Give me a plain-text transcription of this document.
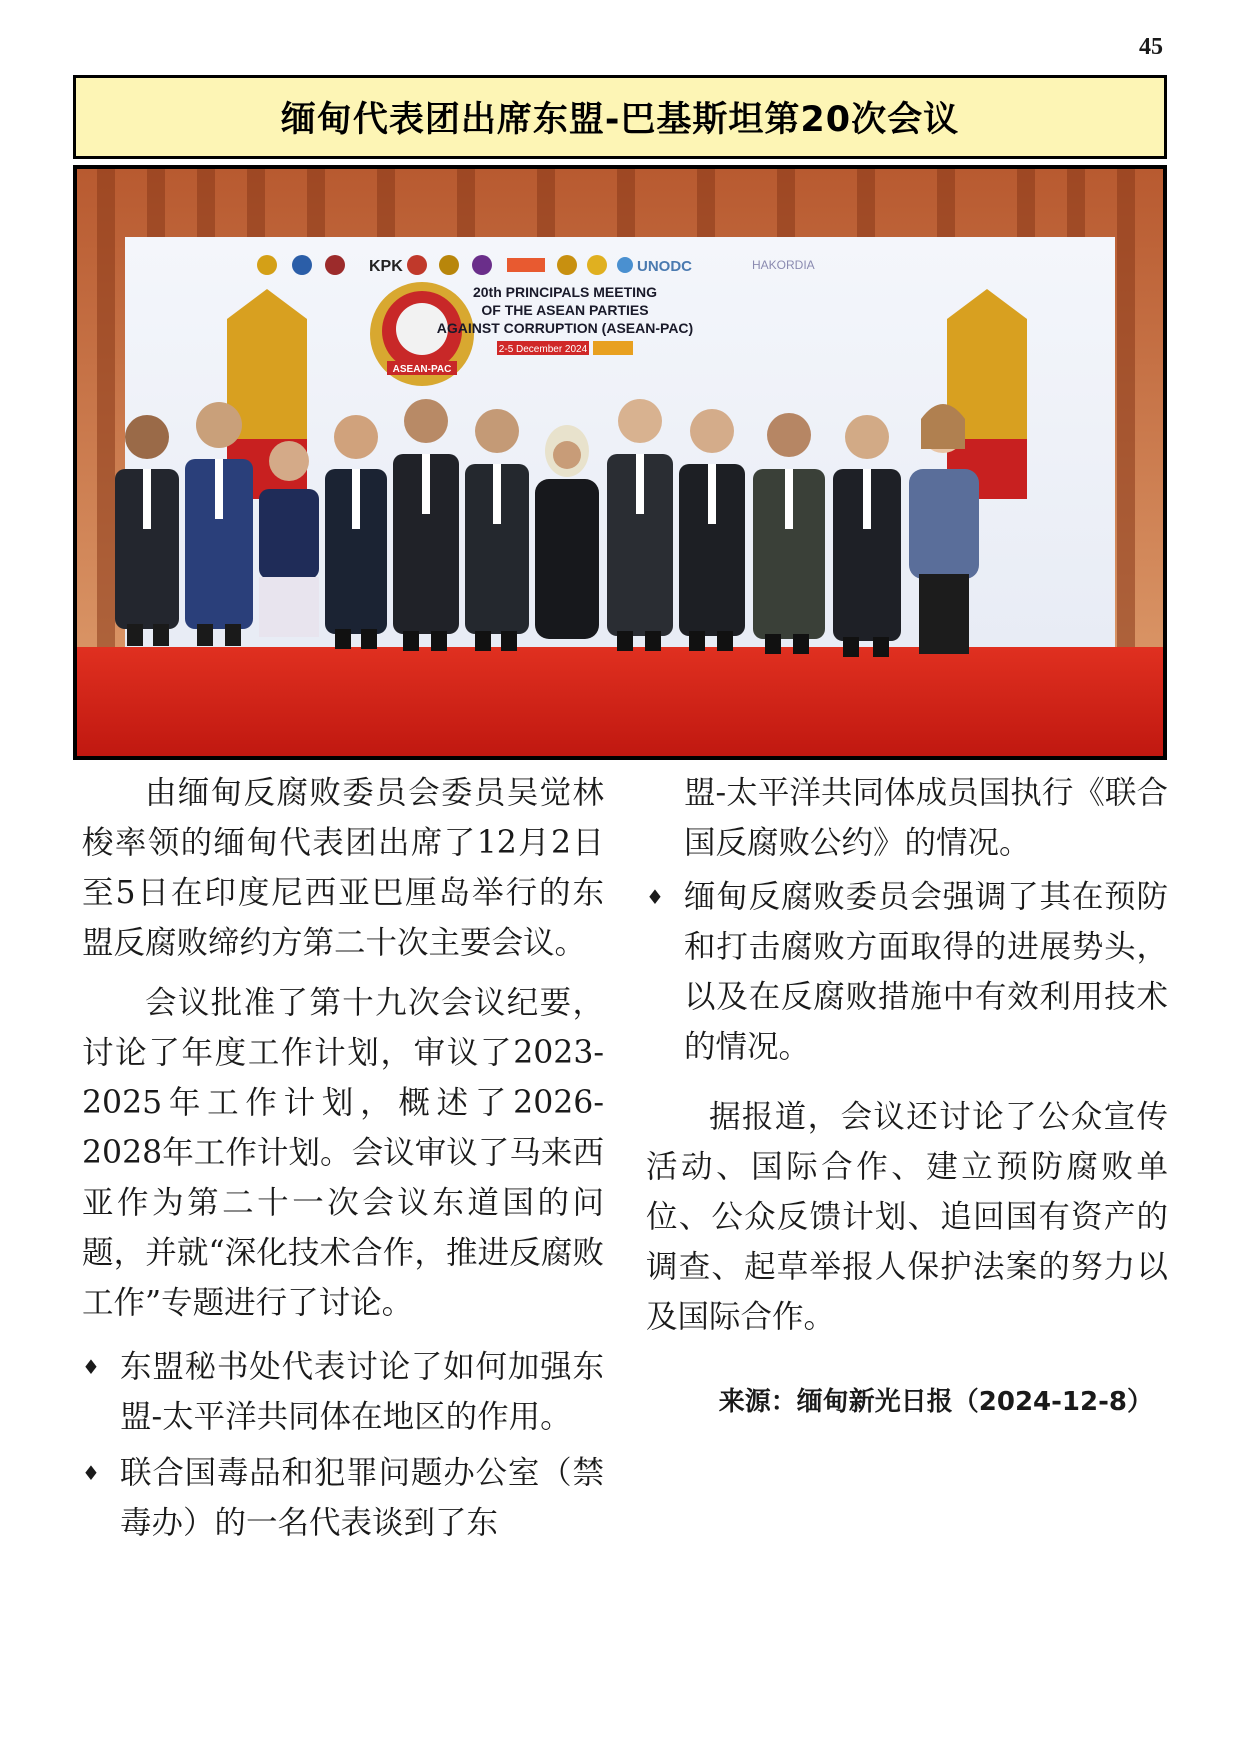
45
缅甸代表团出席东盟-巴基斯坦第20次会议
KPK	UNODC	HAKORDIA
ASEAN-PAC
20th PRINCIPALS MEETING
OF THE ASEAN PARTIES
AGAINST CORRUPTION (ASEAN-PAC)
2-5 December 2024

由缅甸反腐败委员会委员吴觉林梭率领的缅甸代表团出席了12月2日至5日在印度尼西亚巴厘岛举行的东盟反腐败缔约方第二十次主要会议。

会议批准了第十九次会议纪要，讨论了年度工作计划，审议了2023-2025年工作计划，概述了2026-2028年工作计划。会议审议了马来西亚作为第二十一次会议东道国的问题，并就“深化技术合作，推进反腐败工作”专题进行了讨论。

♦ 东盟秘书处代表讨论了如何加强东盟-太平洋共同体在地区的作用。
♦ 联合国毒品和犯罪问题办公室（禁毒办）的一名代表谈到了东

盟-太平洋共同体成员国执行《联合国反腐败公约》的情况。

♦ 缅甸反腐败委员会强调了其在预防和打击腐败方面取得的进展势头，以及在反腐败措施中有效利用技术的情况。

据报道，会议还讨论了公众宣传活动、国际合作、建立预防腐败单位、公众反馈计划、追回国有资产的调查、起草举报人保护法案的努力以及国际合作。

来源：缅甸新光日报（2024-12-8）
